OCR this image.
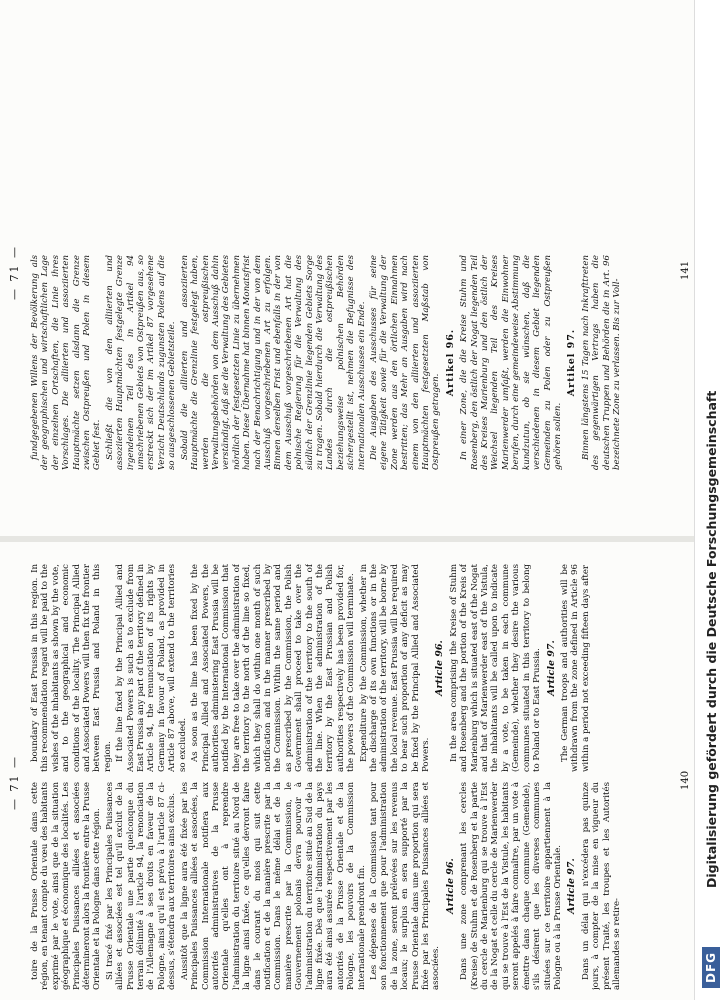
— 71 —
— 71 —

toire de la Prusse Orientale dans cette région, en tenant compte du vœu des habitants exprimé par le vote, ainsi que de la situation géographique et économique des localités. Les Principales Puissances alliées et associées détermineront alors la frontière entre la Prusse Orientale et la Pologne dans cette région. Si tracé fixé par les Principales Puissances alliées et associées est tel qu'il exclut de la Prusse Orientale une partie quelconque du terrain délimité à l'article 94, la renonciation de l'Allemagne à ses droits en faveur de la Pologne, ainsi qu'il est prévu à l'article 87 ci-dessus, s'étendra aux territoires ainsi exclus. Aussitôt que la ligne aura été fixée par les Principales Puissances alliées et associées, la Commission Internationale notifiera aux autorités administratives de la Prusse Orientale qu'elles ont à reprendre l'administration du territoire situé au Nord de la ligne ainsi fixée, ce qu'elles devront faire dans le courant du mois qui suit cette notification et de la manière prescrite par la Commission. Dans le même délai et de la manière prescrite par la Commission, le Gouvernement polonais devra pourvoir à l'administration du territoire situé au Sud de la ligne fixée. Dès que l'administration du pays aura été ainsi assurée respectivement par les autorités de la Prusse Orientale et de la Pologne, les pouvoirs de la Commission internationale prendront fin. Les dépenses de la Commission tant pour son fonctionnement que pour l'administration de la zone, seront prélevées sur les revenus locaux; le surplus en sera supporté par la Prusse Orientale dans une proportion qui sera fixée par les Principales Puissances alliées et associées.

Article 96. Dans une zone comprenant les cercles (Kreise) de Stuhm et de Rosenberg et la partie du cercle de Marienburg qui se trouve à l'Est de la Nogat et celle du cercle de Marienwerder qui se trouve à l'Est de la Vistule, les habitants seront appelés à faire connaître, par un vote à émettre dans chaque commune (Gemeinde), s'ils désirent que les diverses communes situées sur ce territoire appartiennent à la Pologne ou à la Prusse Orientale. Article 97. Dans un délai qui n'excédera pas quinze jours, à compter de la mise en vigueur du présent Traité, les troupes et les Autorités allemandes se retire-

boundary of East Prussia in this region. In this recommendation regard will be paid to the wishes of the inhabitants as shown by the vote, and to the geographical and economic conditions of the locality. The Principal Allied and Associated Powers will then fix the frontier between East Prussia and Poland in this region. If the line fixed by the Principal Allied and Associated Powers is such as to exclude from East Prussia any part of the territory defined in Article 94, the renunciation of its rights by Germany in favour of Poland, as provided in Article 87 above, will extend to the territories so excluded. As soon as the line has been fixed by the Principal Allied and Associated Powers, the authorities administering East Prussia will be notified by the International Commission that they are free to take over the administration of the territory to the north of the line so fixed, which they shall do within one month of such notification and in the manner prescribed by the Commission. Within the same period and as prescribed by the Commission, the Polish Government shall proceed to take over the administration of the territory to the south of the line. When the administration of the territory by the East Prussian and Polish authorities respectively has been provided for, the powers of the Commission will terminate. Expenditure by the Commission, whether in the discharge of its own functions or in the administration of the territory, will be borne by the local revenue. East Prussia will be required to bear such proportion of any deficit as may be fixed by the Principal Allied and Associated Powers.

Article 96. In the area comprising the Kreise of Stuhm and Rosenberg and the portion of the Kreis of Marienburg which is situated east of the Nogat and that of Marienwerder east of the Vistula, the inhabitants will be called upon to indicate by a vote, to be taken in each commune (Gemeinde), whether they desire the various communes situated in this territory to belong to Poland or to East Prussia. Article 97. The German troops and authorities will be withdrawn from the zone defined in Article 96 within a period not exceeding fifteen days after

140

fundgegebenen Willens der Bevölkerung als der geographischen und wirtschaftlichen Lage der einzelnen Ortschaften, die Linie ihres Vorschlages. Die alliierten und assoziierten Hauptmächte setzen alsdann die Grenze zwischen Ostpreußen und Polen in diesem Gebiet fest. Schließt die von den alliierten und assoziierten Hauptmächten festgelegte Grenze irgendeinen Teil des in Artikel 94 umschriebenen Gebiets von Ostpreußen aus, so erstreckt sich der im Artikel 87 vorgesehene Verzicht Deutschlands zugunsten Polens auf die so ausgeschlossenen Gebietsteile. Sobald die alliierten und assoziierten Hauptmächte die Grenzlinie festgelegt haben, werden die ostpreußischen Verwaltungsbehörden von dem Ausschuß dahin verständigt, daß sie die Verwaltung des Gebietes nördlich der festgesetzten Linie zu übernehmen haben. Diese Übernahme hat binnen Monatsfrist nach der Benachrichtigung und in der von dem Ausschuß vorgeschriebenen Art zu erfolgen. Binnen derselben Frist und ebenfalls in der von dem Ausschuß vorgeschriebenen Art hat die polnische Regierung für die Verwaltung des südlich der Grenzlinie liegenden Gebiets Sorge zu tragen. Sobald hierdurch die Verwaltung des Landes durch die ostpreußischen beziehungsweise polnischen Behörden sichergestellt ist, nehmen die Befugnisse des internationalen Ausschusses ein Ende. Die Ausgaben des Ausschusses für seine eigene Tätigkeit sowie für die Verwaltung der Zone werden aus den örtlichen Einnahmen bestritten; das Mehr an Ausgaben wird nach einem von den alliierten und assoziierten Hauptmächten festgesetzten Maßstab von Ostpreußen getragen.

Artikel 96. In einer Zone, die die Kreise Stuhm und Rosenberg, den östlich der Nogat liegenden Teil des Kreises Marienburg und den östlich der Weichsel liegenden Teil des Kreises Marienwerder umfaßt, werden die Einwohner berufen, durch eine gemeindeweise Abstimmung kundzutun, ob sie wünschen, daß die verschiedenen in diesem Gebiet liegenden Gemeinden zu Polen oder zu Ostpreußen gehören sollen.

Artikel 97. Binnen längstens 15 Tagen nach Inkrafttreten des gegenwärtigen Vertrags haben die deutschen Truppen und Behörden die in Art. 96 bezeichnete Zone zu verlassen. Bis zur Voll-

141
DFG
Digitalisierung gefördert durch die Deutsche Forschungsgemeinschaft
